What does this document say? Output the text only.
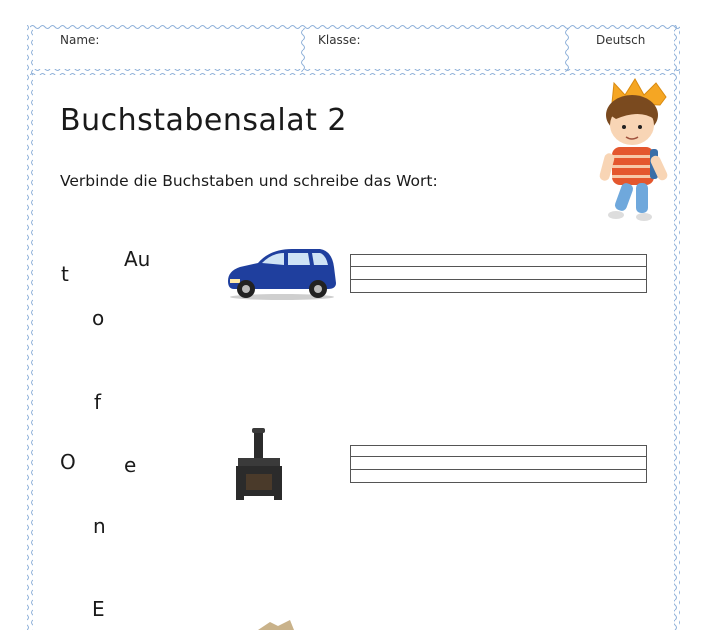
Name:	Klasse:	Deutsch
Buchstabensalat 2
Verbinde die Buchstaben und schreibe das Wort:
t
Au
o
f
O e
n
E
